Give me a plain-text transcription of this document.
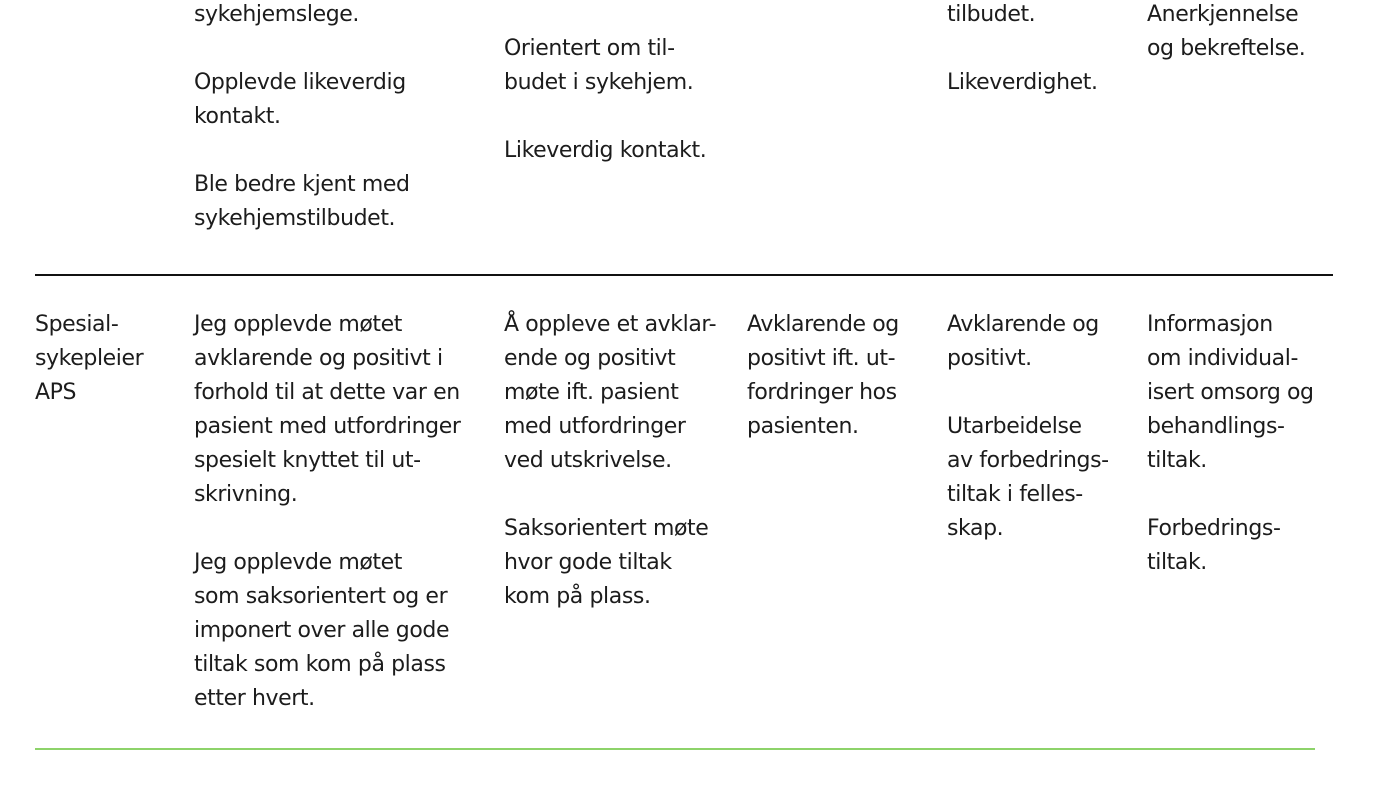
sykehjemslege.
Opplevde likeverdig
kontakt.
Ble bedre kjent med
sykehjemstilbudet.
Orientert om til-
budet i sykehjem.
Likeverdig kontakt.
tilbudet.
Likeverdighet.
Anerkjennelse
og bekreftelse.
Spesial-
sykepleier
APS
Jeg opplevde møtet
avklarende og positivt i
forhold til at dette var en
pasient med utfordringer
spesielt knyttet til ut-
skrivning.
Jeg opplevde møtet
som saksorientert og er
imponert over alle gode
tiltak som kom på plass
etter hvert.
Å oppleve et avklar-
ende og positivt
møte ift. pasient
med utfordringer
ved utskrivelse.
Saksorientert møte
hvor gode tiltak
kom på plass.
Avklarende og
positivt ift. ut-
fordringer hos
pasienten.
Avklarende og
positivt.
Utarbeidelse
av forbedrings-
tiltak i felles-
skap.
Informasjon
om individual-
isert omsorg og
behandlings-
tiltak.
Forbedrings-
tiltak.
